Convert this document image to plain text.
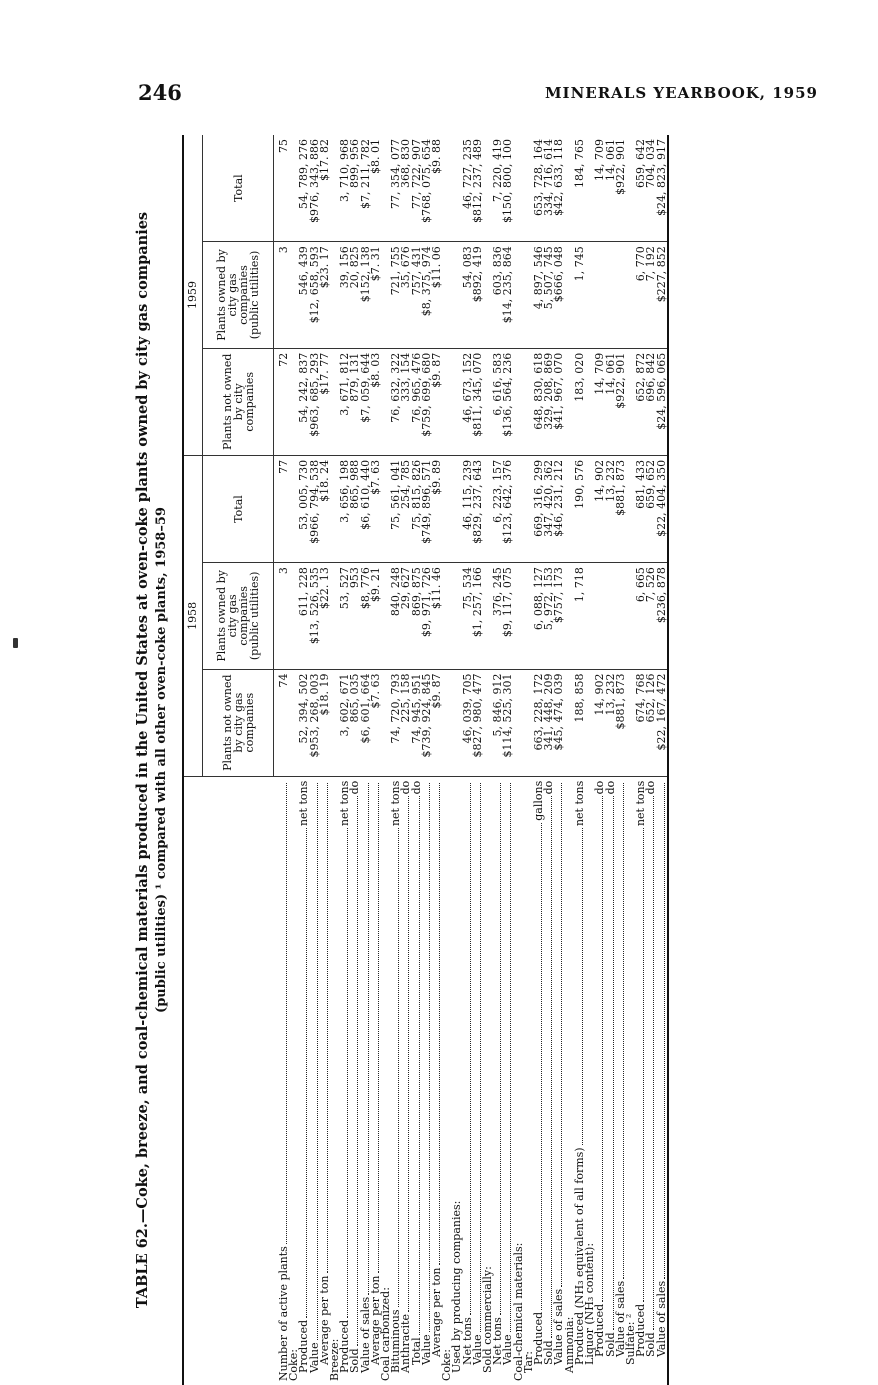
246	MINERALS YEARBOOK, 1959
TABLE 62.—Coke, breeze, and coal-chemical materials produced in the United States at oven-coke plants owned by city gas companies (public utilities) ¹ compared with all other oven-coke plants, 1958–59

	1958			1959		
	Plants not owned by city gas companies	Plants owned by city gas companies (public utilities)	Total	Plants not owned by city companies	Plants owned by city gas companies (public utilities)	Total

Number of active plants	74	3	77	72	3	75

Coke:						

Produced
net tons	52, 394, 502	611, 228	53, 005, 730	54, 242, 837	546, 439	54, 789, 276

Value	$953, 268, 003	$13, 526, 535	$966, 794, 538	$963, 685, 293	$12, 658, 593	$976, 343, 886

Average per ton	$18. 19	$22. 13	$18. 24	$17. 77	$23. 17	$17. 82

Breeze:						

Produced
net tons	3, 602, 671	53, 527	3, 656, 198	3, 671, 812	39, 156	3, 710, 968

Sold
do	865, 035	953	865, 988	879, 131	20, 825	899, 956

Value of sales	$6, 601, 664	$8, 776	$6, 610, 440	$7, 059, 644	$152, 138	$7, 211, 782

Average per ton	$7. 63	$9. 21	$7. 63	$8. 03	$7. 31	$8. 01

Coal carbonized:						

Bituminous
net tons	74, 720, 793	840, 248	75, 561, 041	76, 632, 322	721, 755	77, 354, 077

Anthracite
do	225, 158	29, 627	254, 785	333, 154	35, 676	368, 830

Total
do	74, 945, 951	869, 875	75, 815, 826	76, 965, 476	757, 431	77, 722, 907

Value	$739, 924, 845	$9, 971, 726	$749, 896, 571	$759, 699, 680	$8, 375, 974	$768, 075, 654

Average per ton	$9. 87	$11. 46	$9. 89	$9. 87	$11. 06	$9. 88

Coke:						

Used by producing companies:						

Net tons	46, 039, 705	75, 534	46, 115, 239	46, 673, 152	54, 083	46, 727, 235

Value	$827, 980, 477	$1, 257, 166	$829, 237, 643	$811, 345, 070	$892, 419	$812, 237, 489

Sold commercially:						

Net tons	5, 846, 912	376, 245	6, 223, 157	6, 616, 583	603, 836	7, 220, 419

Value	$114, 525, 301	$9, 117, 075	$123, 642, 376	$136, 564, 236	$14, 235, 864	$150, 800, 100

Coal-chemical materials:						

Tar:						

Produced
gallons	663, 228, 172	6, 088, 127	669, 316, 299	648, 830, 618	4, 897, 546	653, 728, 164

Sold
do	341, 448, 209	5, 972, 153	347, 420, 362	329, 208, 869	5, 507, 745	334, 716, 614

Value of sales	$45, 474, 039	$757, 173	$46, 231, 212	$41, 967, 070	$666, 048	$42, 633, 118

Ammonia:						

Produced (NH₃ equivalent of all forms)
net tons	188, 858	1, 718	190, 576	183, 020	1, 745	184, 765

Liquor (NH₃ content):						

Produced
do	14, 902		14, 902	14, 709		14, 709

Sold
do	13, 232		13, 232	14, 061		14, 061

Value of sales	$881, 873		$881, 873	$922, 901		$922, 901

Sulfate: ²						

Produced
net tons	674, 768	6, 665	681, 433	652, 872	6, 770	659, 642

Sold
do	652, 126	7, 526	659, 652	696, 842	7, 192	704, 034

Value of sales	$22, 167, 472	$236, 878	$22, 404, 350	$24, 596, 065	$227, 852	$24, 823, 917
